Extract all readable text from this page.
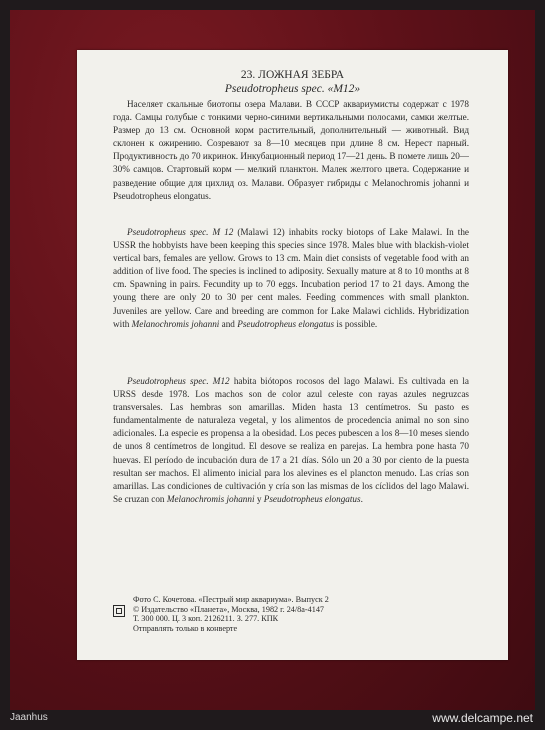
23. ЛОЖНАЯ ЗЕБРА
Pseudotropheus spec. «М12»
Населяет скальные биотопы озера Малави. В СССР аквариумисты содержат с 1978 года. Самцы голубые с тонкими черно-синими вертикальными полосами, самки желтые. Размер до 13 см. Основной корм растительный, дополнительный — животный. Вид склонен к ожирению. Созревают за 8—10 месяцев при длине 8 см. Нерест парный. Продуктивность до 70 икринок. Инкубационный период 17—21 день. В помете лишь 20—30% самцов. Стартовый корм — мелкий планктон. Малек желтого цвета. Содержание и разведение общие для цихлид оз. Малави. Образует гибриды с Melanochromis johanni и Pseudotropheus elongatus.
Pseudotropheus spec. M 12 (Malawi 12) inhabits rocky biotops of Lake Malawi. In the USSR the hobbyists have been keeping this species since 1978. Males blue with blackish-violet vertical bars, females are yellow. Grows to 13 cm. Main diet consists of vegetable food with an addition of live food. The species is inclined to adiposity. Sexually mature at 8 to 10 months at 8 cm. Spawning in pairs. Fecundity up to 70 eggs. Incubation period 17 to 21 days. Among the young there are only 20 to 30 per cent males. Feeding commences with small plankton. Juveniles are yellow. Care and breeding are common for Lake Malawi cichlids. Hybridization with Melanochromis johanni and Pseudotropheus elongatus is possible.
Pseudotropheus spec. M12 habita biótopos rocosos del lago Malawi. Es cultivada en la URSS desde 1978. Los machos son de color azul celeste con rayas azules negruzcas transversales. Las hembras son amarillas. Miden hasta 13 centímetros. Su pasto es fundamentalmente de naturaleza vegetal, y los alimentos de procedencia animal no son sino adicionales. La especie es propensa a la obesidad. Los peces pubescen a los 8—10 meses siendo de unos 8 centímetros de longitud. El desove se realiza en parejas. La hembra pone hasta 70 huevas. El período de incubación dura de 17 a 21 días. Sólo un 20 a 30 por ciento de la puesta resultan ser machos. El alimento inicial para los alevines es el plancton menudo. Las crías son amarillas. Las condiciones de cultivación y cría son las mismas de los cíclidos del lago Malawi. Se cruzan con Melanochromis johanni y Pseudotropheus elongatus.
Фото С. Кочетова. «Пестрый мир аквариума». Выпуск 2
© Издательство «Планета», Москва, 1982 г. 24/8а-4147
Т. 300 000. Ц. 3 коп. 2126211. З. 277. КПК
Отправлять только в конверте
Jaanhus	www.delcampe.net
